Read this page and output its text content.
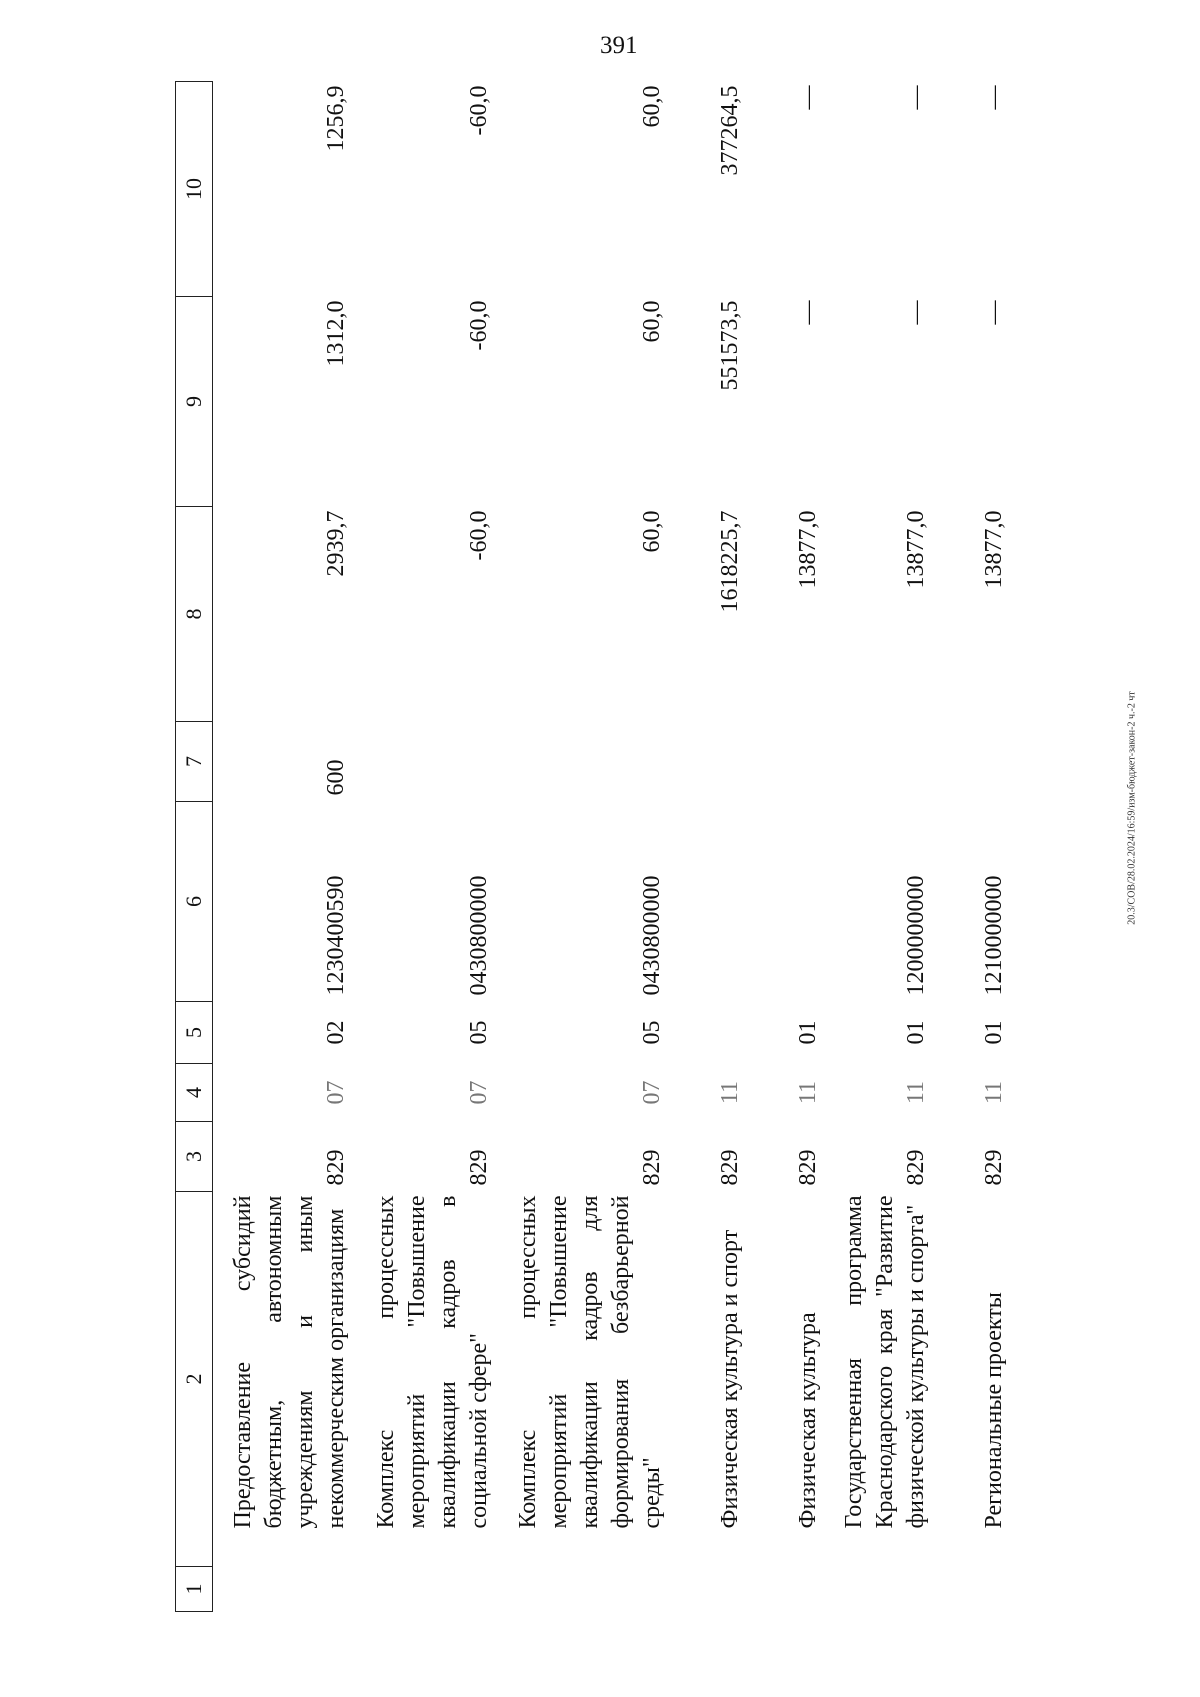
391
20.3/СОВ/28.02.2024/16:59/изм-бюджет-закон-2 ч.-2 чт
1	2	3	4	5	6	7	8	9	10
	Предоставление субсидий бюджетным, автономным учреждениям и иным некоммерческим организациям	829	07	02	1230400590	600	2939,7	1312,0	1256,9
	Комплекс процессных мероприятий "Повышение квалификации кадров в социальной сфере"	829	07	05	0430800000		-60,0	-60,0	-60,0
	Комплекс процессных мероприятий "Повышение квалификации кадров для формирования безбарьерной среды"	829	07	05	0430800000		60,0	60,0	60,0
	Физическая культура и спорт	829	11				1618225,7	551573,5	377264,5
	Физическая культура	829	11	01			13877,0	—	—
	Государственная программа Краснодарского края "Развитие физической культуры и спорта"	829	11	01	1200000000		13877,0	—	—
	Региональные проекты	829	11	01	1210000000		13877,0	—	—
